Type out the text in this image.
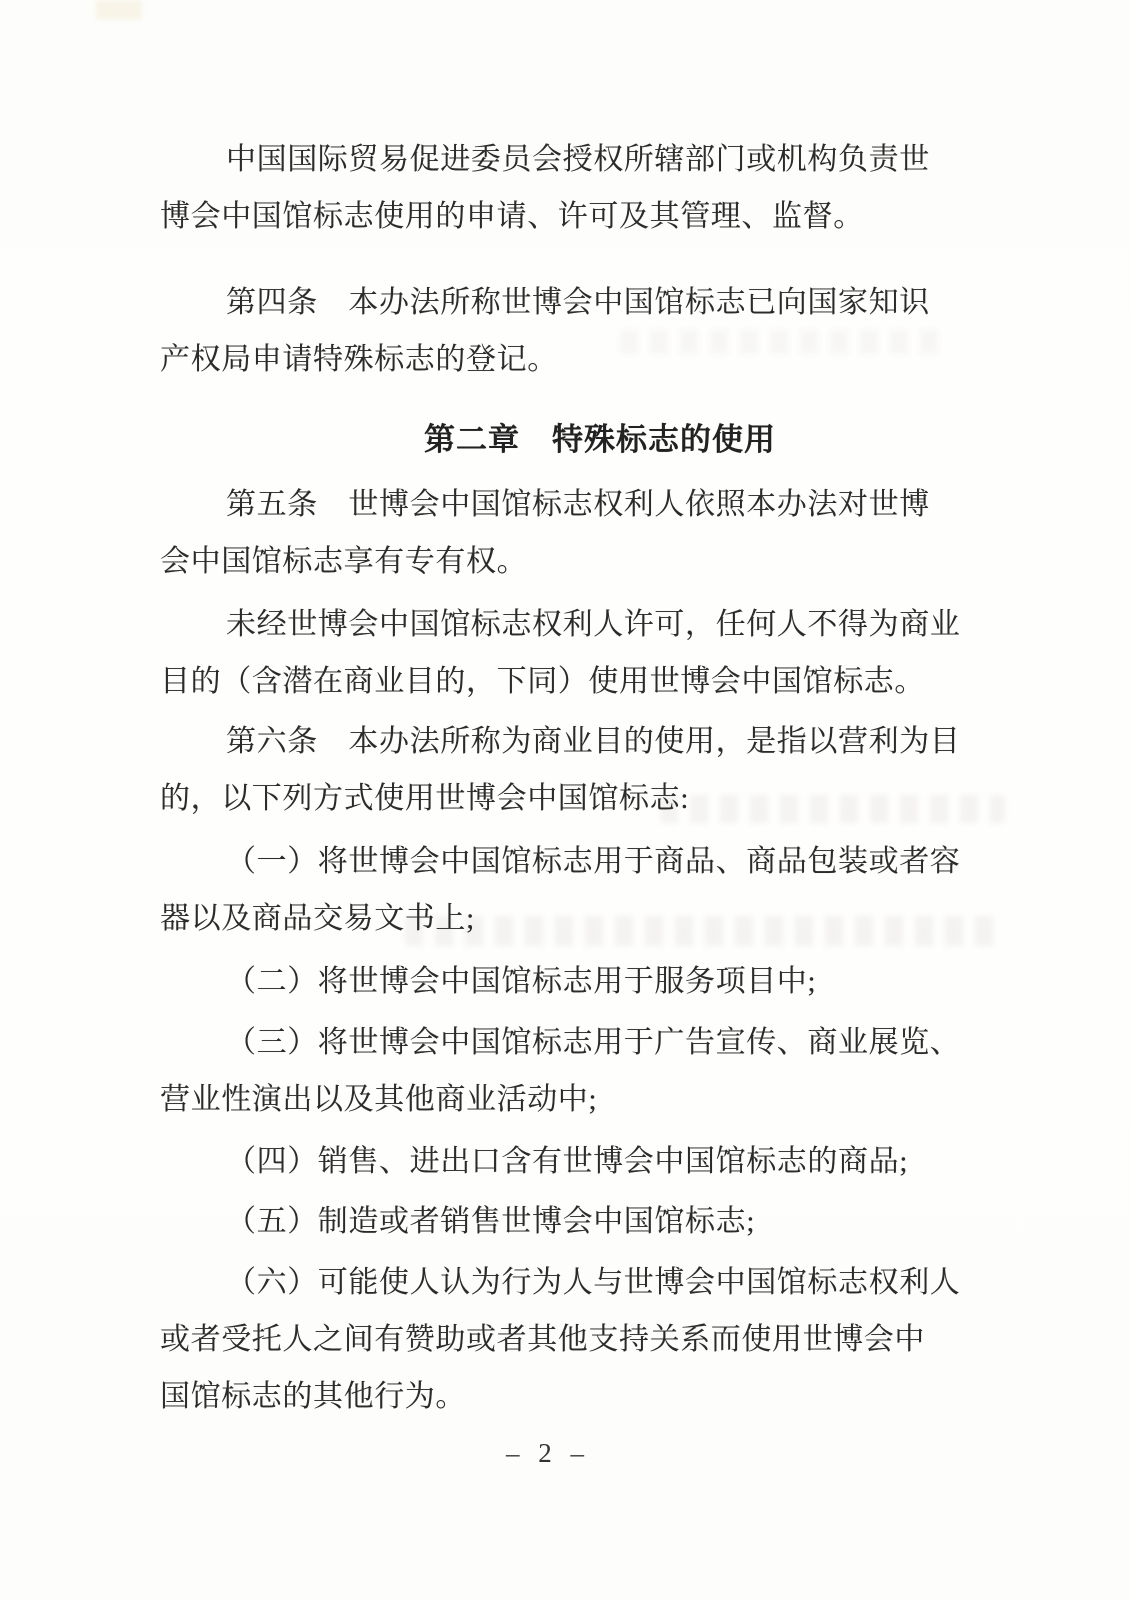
中国国际贸易促进委员会授权所辖部门或机构负责世
博会中国馆标志使用的申请、许可及其管理、监督。
第四条　本办法所称世博会中国馆标志已向国家知识
产权局申请特殊标志的登记。
第二章　特殊标志的使用
第五条　世博会中国馆标志权利人依照本办法对世博
会中国馆标志享有专有权。
未经世博会中国馆标志权利人许可，任何人不得为商业
目的（含潜在商业目的，下同）使用世博会中国馆标志。
第六条　本办法所称为商业目的使用，是指以营利为目
的，以下列方式使用世博会中国馆标志:
（一）将世博会中国馆标志用于商品、商品包装或者容
器以及商品交易文书上;
（二）将世博会中国馆标志用于服务项目中;
（三）将世博会中国馆标志用于广告宣传、商业展览、
营业性演出以及其他商业活动中;
（四）销售、进出口含有世博会中国馆标志的商品;
（五）制造或者销售世博会中国馆标志;
（六）可能使人认为行为人与世博会中国馆标志权利人
或者受托人之间有赞助或者其他支持关系而使用世博会中
国馆标志的其他行为。
– 2 –
